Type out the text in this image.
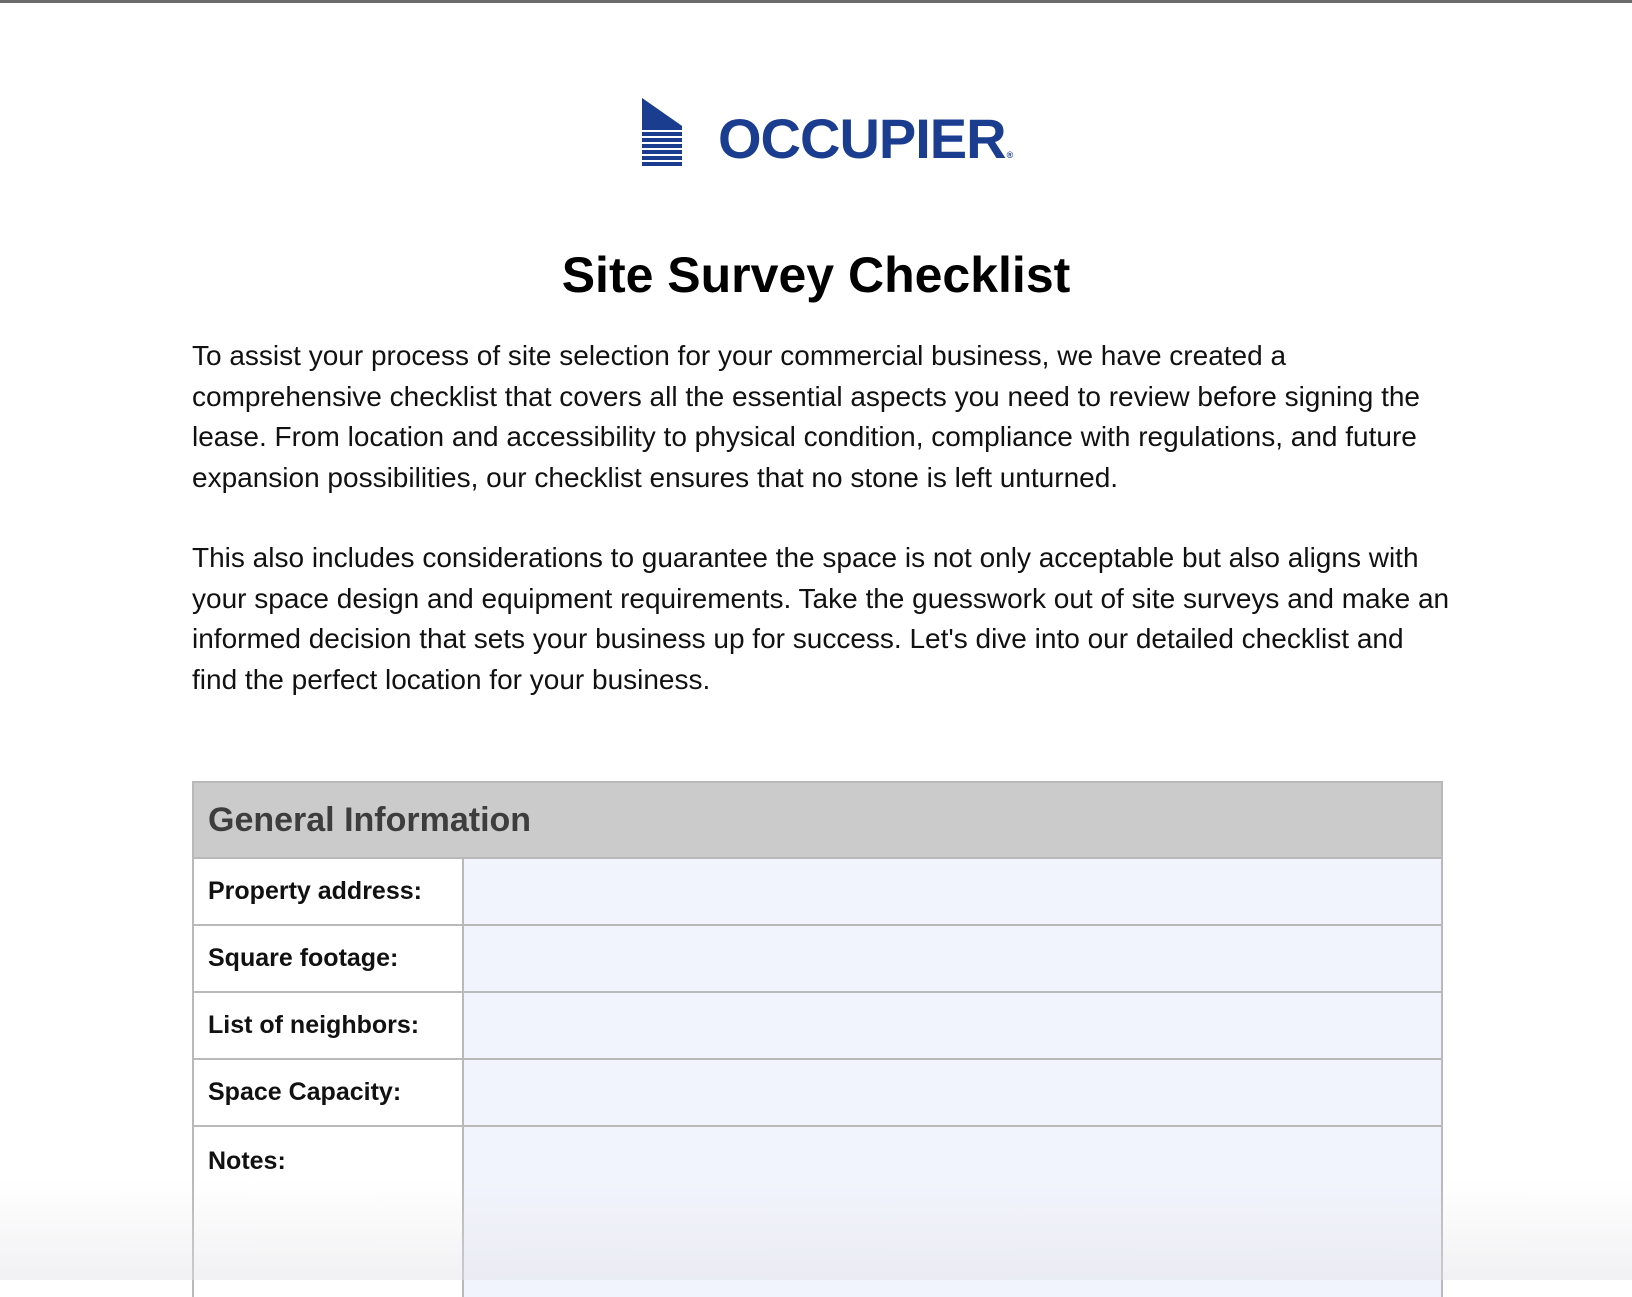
OCCUPIER®
Site Survey Checklist

To assist your process of site selection for your commercial business, we have created a comprehensive checklist that covers all the essential aspects you need to review before signing the lease. From location and accessibility to physical condition, compliance with regulations, and future expansion possibilities, our checklist ensures that no stone is left unturned.

This also includes considerations to guarantee the space is not only acceptable but also aligns with your space design and equipment requirements. Take the guesswork out of site surveys and make an informed decision that sets your business up for success. Let's dive into our detailed checklist and find the perfect location for your business.

General Information
Property address:
Square footage:
List of neighbors:
Space Capacity:
Notes:
